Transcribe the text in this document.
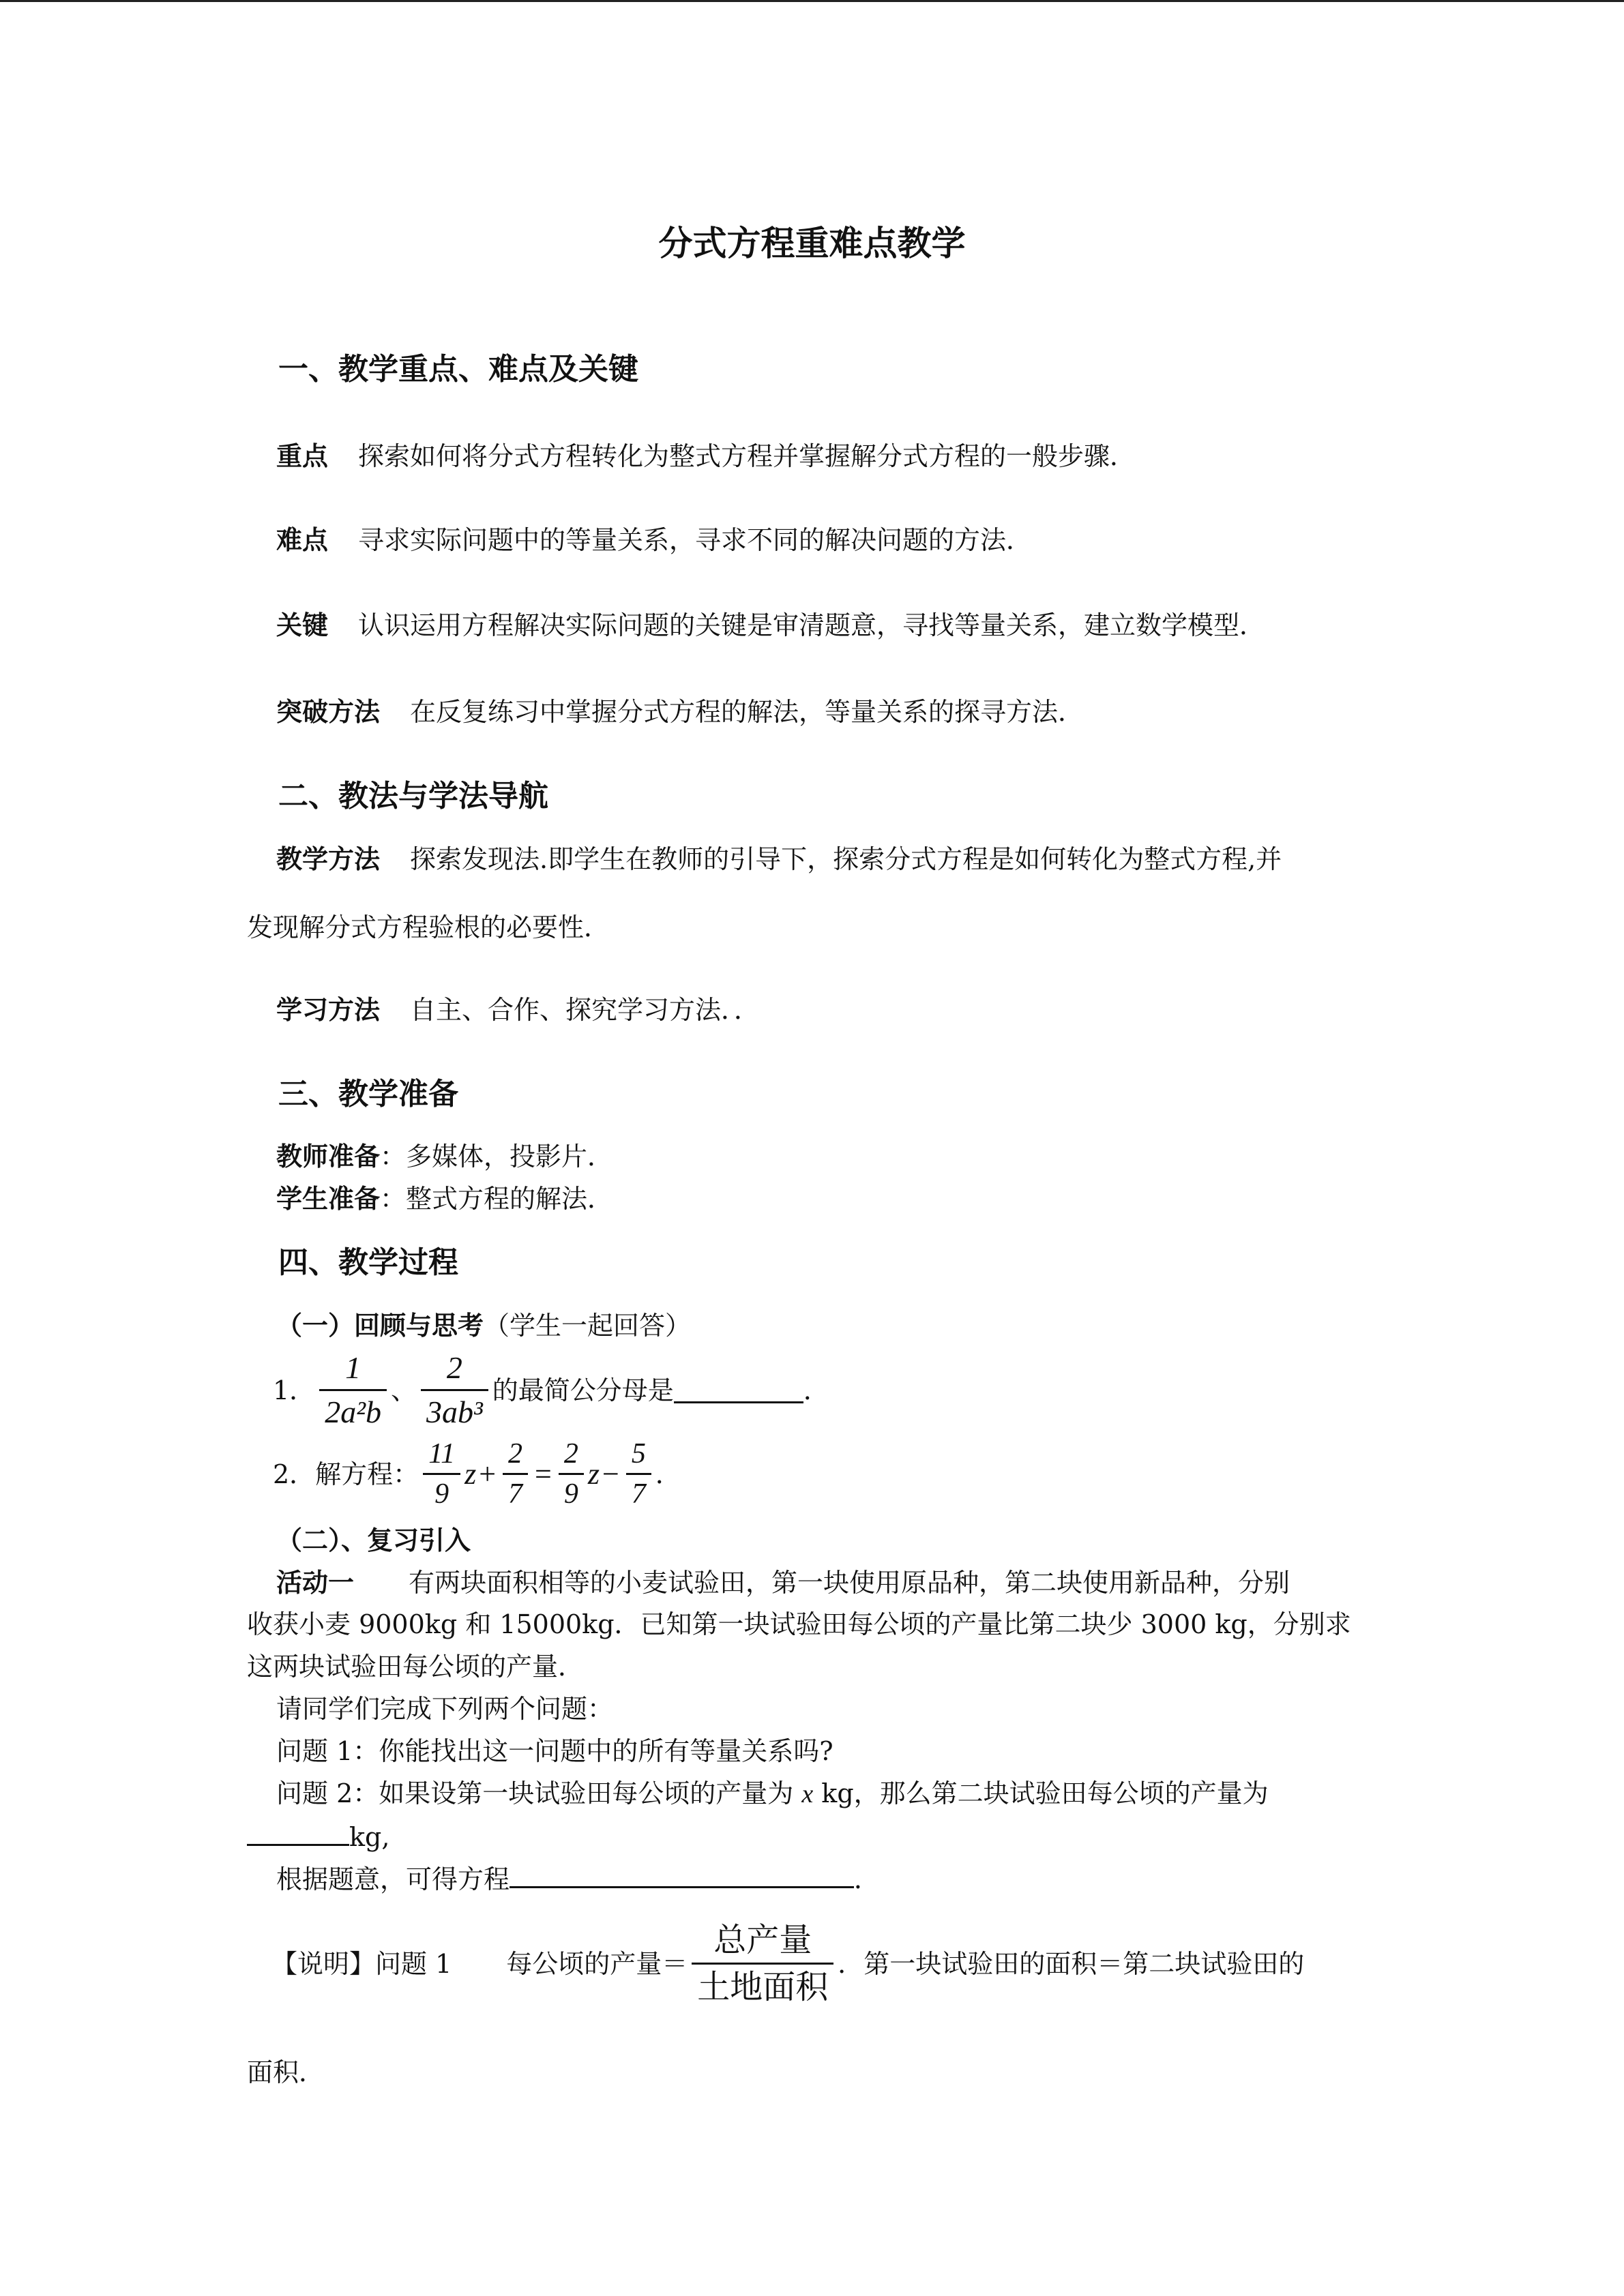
分式方程重难点教学
一、教学重点、难点及关键
重点 探索如何将分式方程转化为整式方程并掌握解分式方程的一般步骤．
难点 寻求实际问题中的等量关系，寻求不同的解决问题的方法．
关键 认识运用方程解决实际问题的关键是审清题意，寻找等量关系，建立数学模型．
突破方法 在反复练习中掌握分式方程的解法，等量关系的探寻方法．
二、教法与学法导航
教学方法 探索发现法.即学生在教师的引导下，探索分式方程是如何转化为整式方程,并
发现解分式方程验根的必要性．
学习方法 自主、合作、探究学习方法．．
三、教学准备
教师准备：多媒体，投影片．
学生准备：整式方程的解法．
四、教学过程
（一）回顾与思考（学生一起回答）
1． $\frac{1}{\text{2a²b}}$ 、 $\frac{2}{\text{3ab³}}$ 的最简公分母是	．
2．解方程： $\frac{11}{9}$ $z + \frac{2}{7} = \frac{2}{9}$ $z - \frac{5}{7}$ ．
（二）、复习引入
活动一 有两块面积相等的小麦试验田，第一块使用原品种，第二块使用新品种，分别
收获小麦 9000kg 和 15000kg．已知第一块试验田每公顷的产量比第二块少 3000 kg，分别求
这两块试验田每公顷的产量．
请同学们完成下列两个问题：
问题 1：你能找出这一问题中的所有等量关系吗?
问题 2：如果设第一块试验田每公顷的产量为 x kg，那么第二块试验田每公顷的产量为
kg,
根据题意，可得方程	．
【说明】问题 1 每公顷的产量＝ $\frac{\text{总产量}}{\text{土地面积}}$ ．第一块试验田的面积＝第二块试验田的
面积．
